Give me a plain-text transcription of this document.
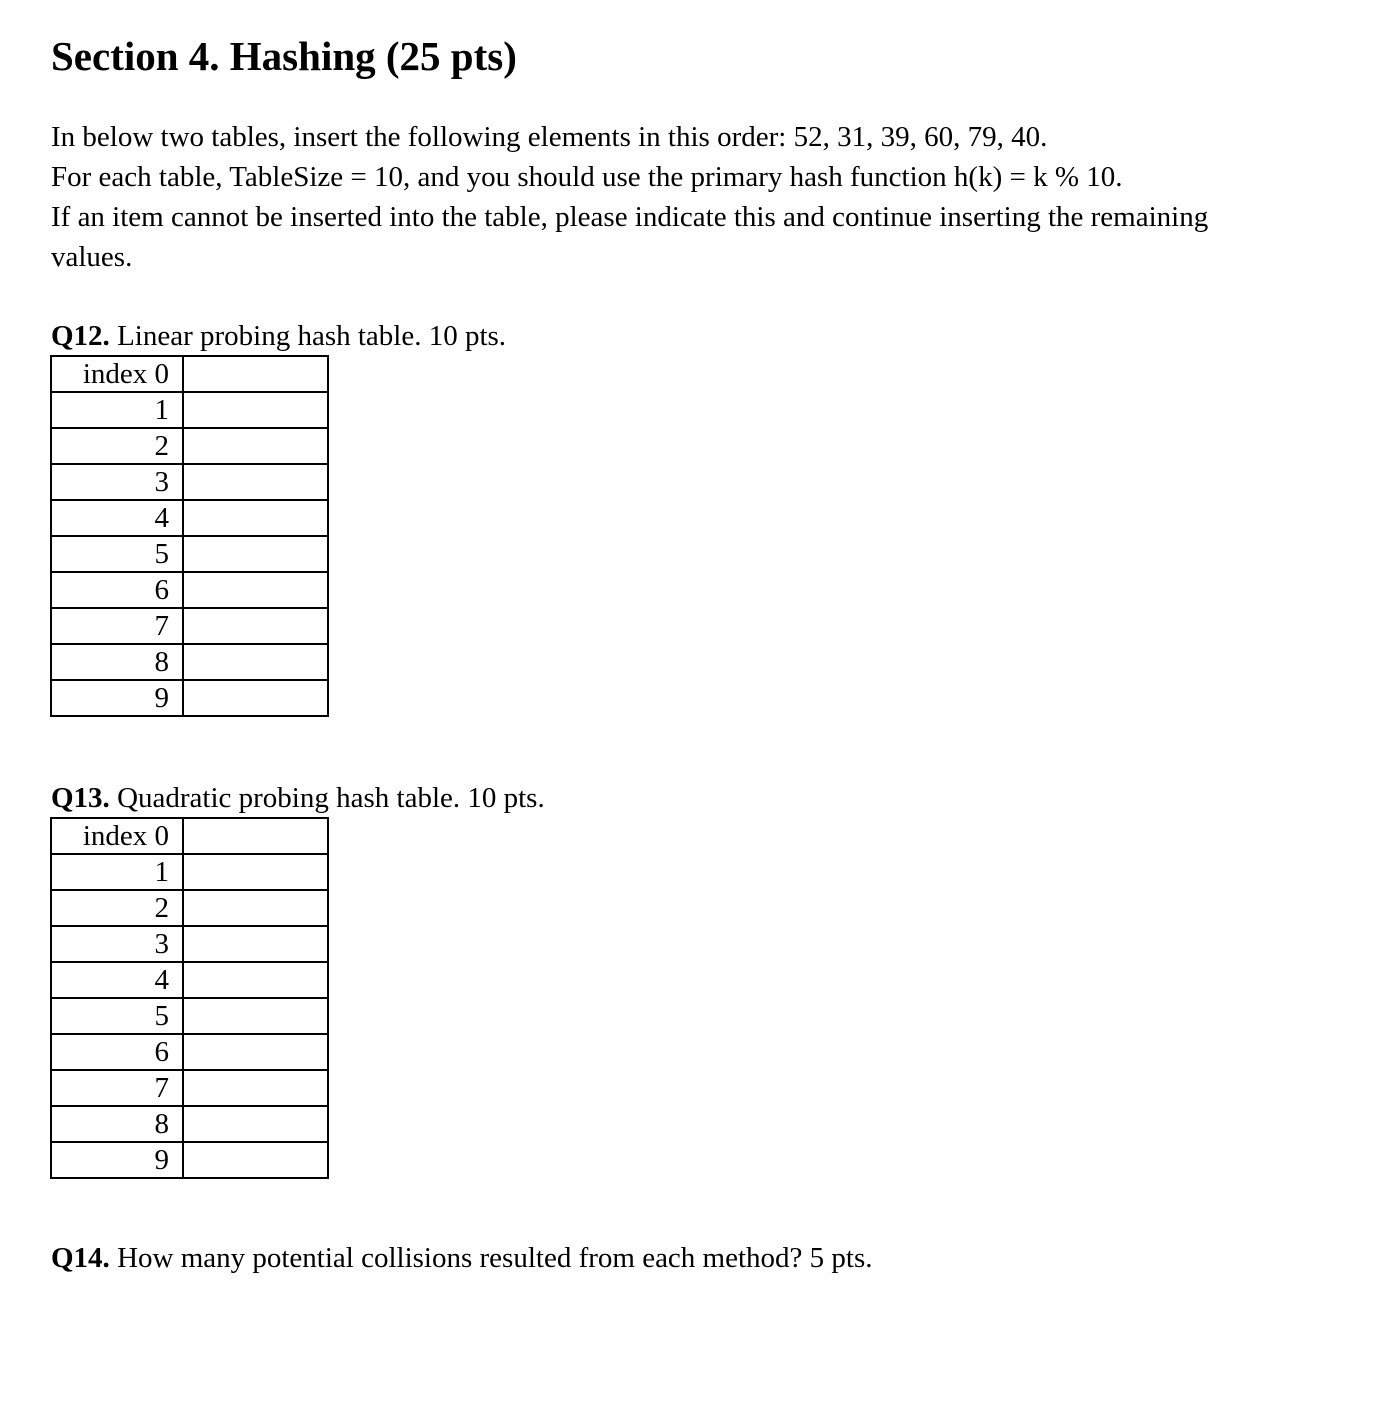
Section 4. Hashing (25 pts)

In below two tables, insert the following elements in this order: 52, 31, 39, 60, 79, 40.
For each table, TableSize = 10, and you should use the primary hash function h(k) = k % 10.
If an item cannot be inserted into the table, please indicate this and continue inserting the remaining
values.

Q12. Linear probing hash table. 10 pts.

index 0	
1	
2	
3	
4	
5	
6	
7	
8	
9	

Q13. Quadratic probing hash table. 10 pts.

index 0	
1	
2	
3	
4	
5	
6	
7	
8	
9	

Q14. How many potential collisions resulted from each method? 5 pts.
